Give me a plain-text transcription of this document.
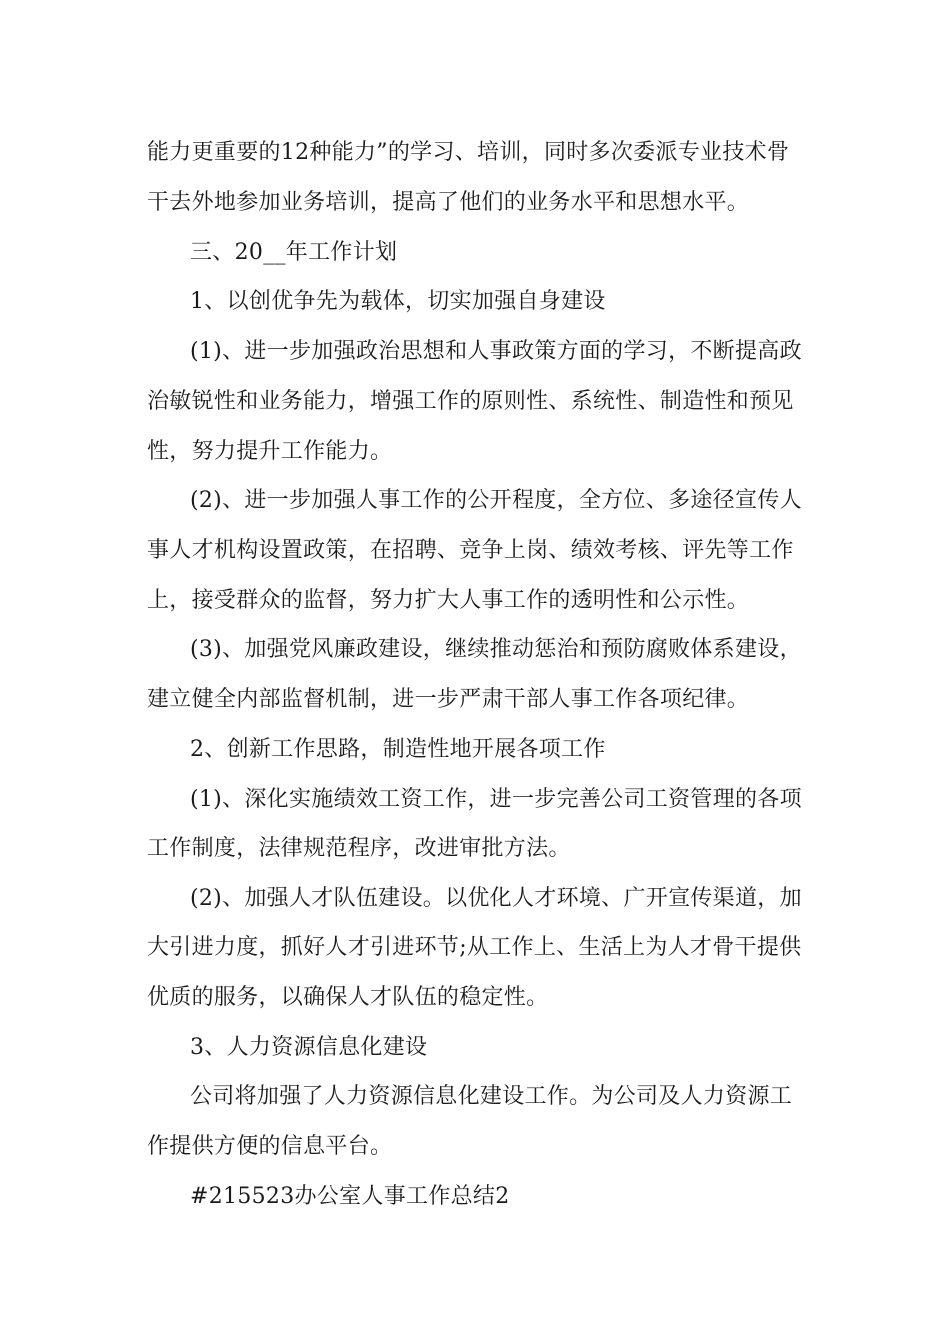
能力更重要的12种能力”的学习、培训，同时多次委派专业技术骨
干去外地参加业务培训，提高了他们的业务水平和思想水平。
三、20__年工作计划
1、以创优争先为载体，切实加强自身建设
(1)、进一步加强政治思想和人事政策方面的学习，不断提高政
治敏锐性和业务能力，增强工作的原则性、系统性、制造性和预见
性，努力提升工作能力。
(2)、进一步加强人事工作的公开程度，全方位、多途径宣传人
事人才机构设置政策，在招聘、竞争上岗、绩效考核、评先等工作
上，接受群众的监督，努力扩大人事工作的透明性和公示性。
(3)、加强党风廉政建设，继续推动惩治和预防腐败体系建设，
建立健全内部监督机制，进一步严肃干部人事工作各项纪律。
2、创新工作思路，制造性地开展各项工作
(1)、深化实施绩效工资工作，进一步完善公司工资管理的各项
工作制度，法律规范程序，改进审批方法。
(2)、加强人才队伍建设。以优化人才环境、广开宣传渠道，加
大引进力度，抓好人才引进环节;从工作上、生活上为人才骨干提供
优质的服务，以确保人才队伍的稳定性。
3、人力资源信息化建设
公司将加强了人力资源信息化建设工作。为公司及人力资源工
作提供方便的信息平台。
#215523办公室人事工作总结2
